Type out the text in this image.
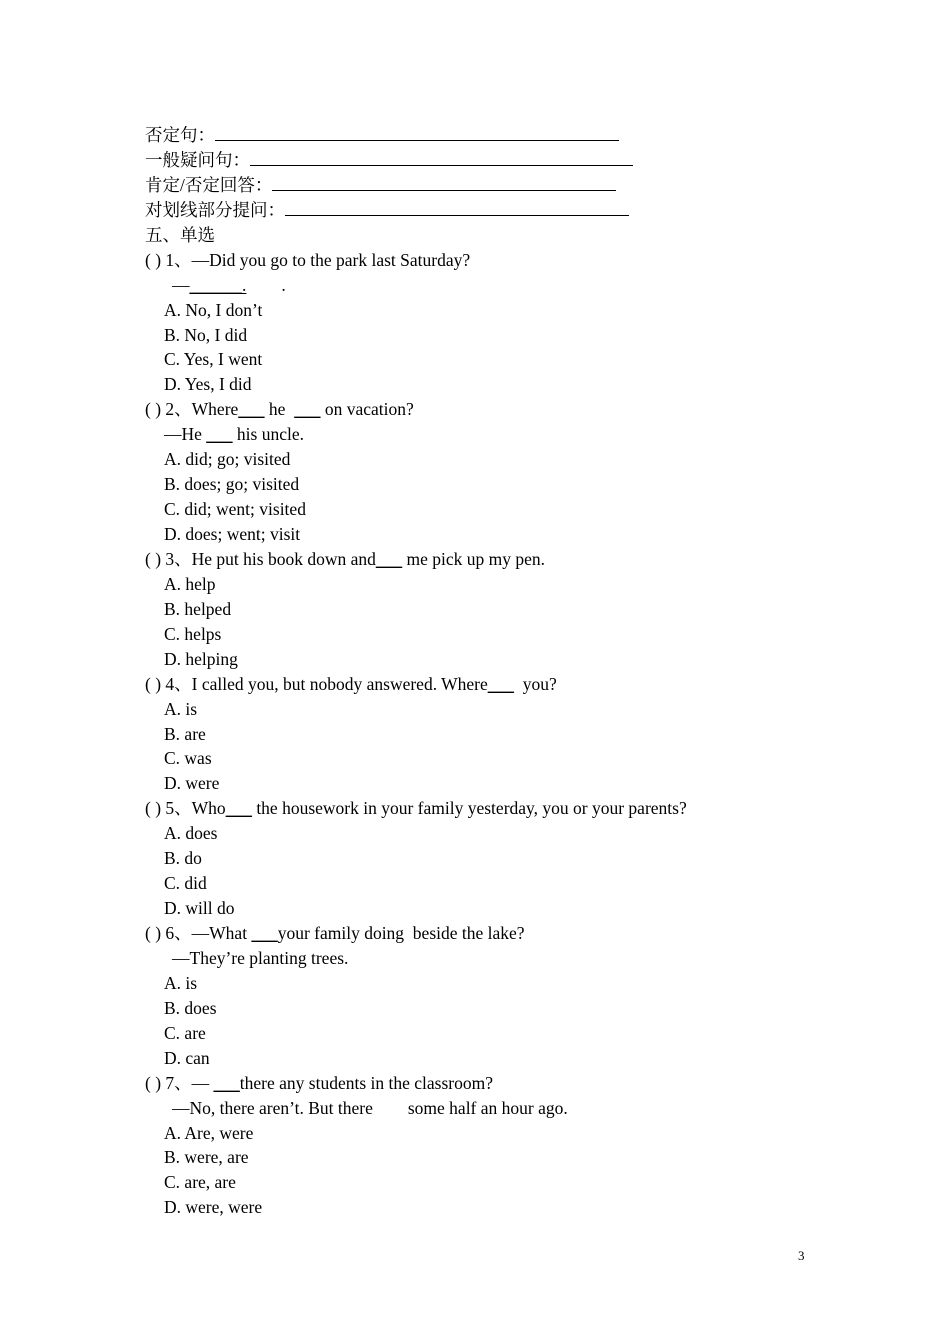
否定句：
一般疑问句：
肯定/否定回答：
对划线部分提问：
五、单选
( ) 1、—Did you go to the park last Saturday?
—______.        .
A. No, I don’t
B. No, I did
C. Yes, I went
D. Yes, I did
( ) 2、Where___ he  ___ on vacation?
—He ___ his uncle.
A. did; go; visited
B. does; go; visited
C. did; went; visited
D. does; went; visit
( ) 3、He put his book down and___ me pick up my pen.
A. help
B. helped
C. helps
D. helping
( ) 4、I called you, but nobody answered. Where___  you?
A. is
B. are
C. was
D. were
( ) 5、Who___ the housework in your family yesterday, you or your parents?
A. does
B. do
C. did
D. will do
( ) 6、—What ___your family doing  beside the lake?
—They’re planting trees.
A. is
B. does
C. are
D. can
( ) 7、— ___there any students in the classroom?
—No, there aren’t. But there        some half an hour ago.
A. Are, were
B. were, are
C. are, are
D. were, were
3
